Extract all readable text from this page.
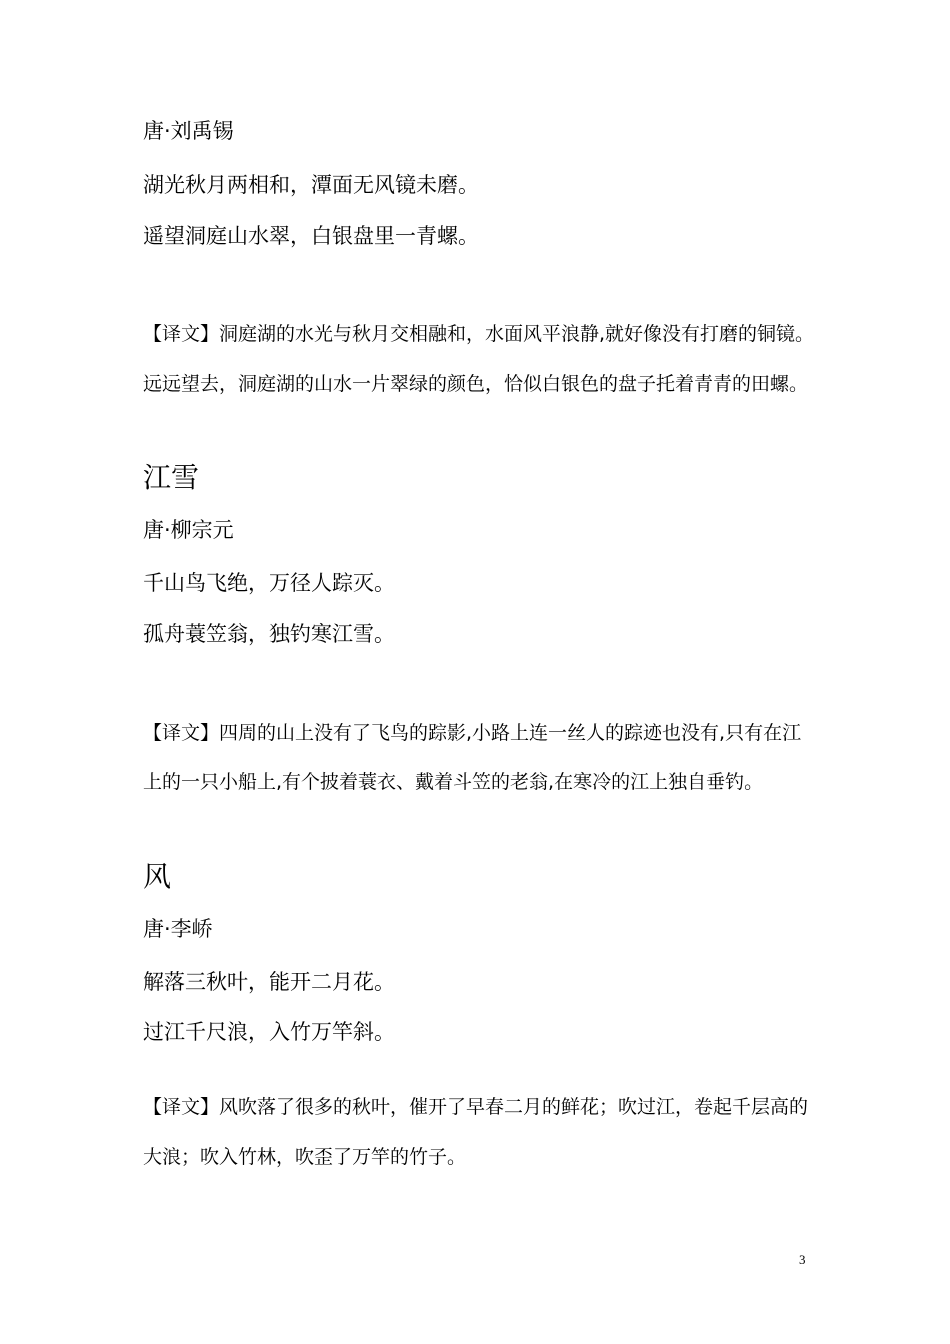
唐·刘禹锡
湖光秋月两相和，潭面无风镜未磨。
遥望洞庭山水翠，白银盘里一青螺。
【译文】洞庭湖的水光与秋月交相融和，水面风平浪静,就好像没有打磨的铜镜。
远远望去，洞庭湖的山水一片翠绿的颜色，恰似白银色的盘子托着青青的田螺。
江雪
唐·柳宗元
千山鸟飞绝，万径人踪灭。
孤舟蓑笠翁，独钓寒江雪。
【译文】四周的山上没有了飞鸟的踪影,小路上连一丝人的踪迹也没有,只有在江
上的一只小船上,有个披着蓑衣、戴着斗笠的老翁,在寒冷的江上独自垂钓。
风
唐·李峤
解落三秋叶，能开二月花。
过江千尺浪，入竹万竿斜。
【译文】风吹落了很多的秋叶，催开了早春二月的鲜花；吹过江，卷起千层高的
大浪；吹入竹林，吹歪了万竿的竹子。
3
